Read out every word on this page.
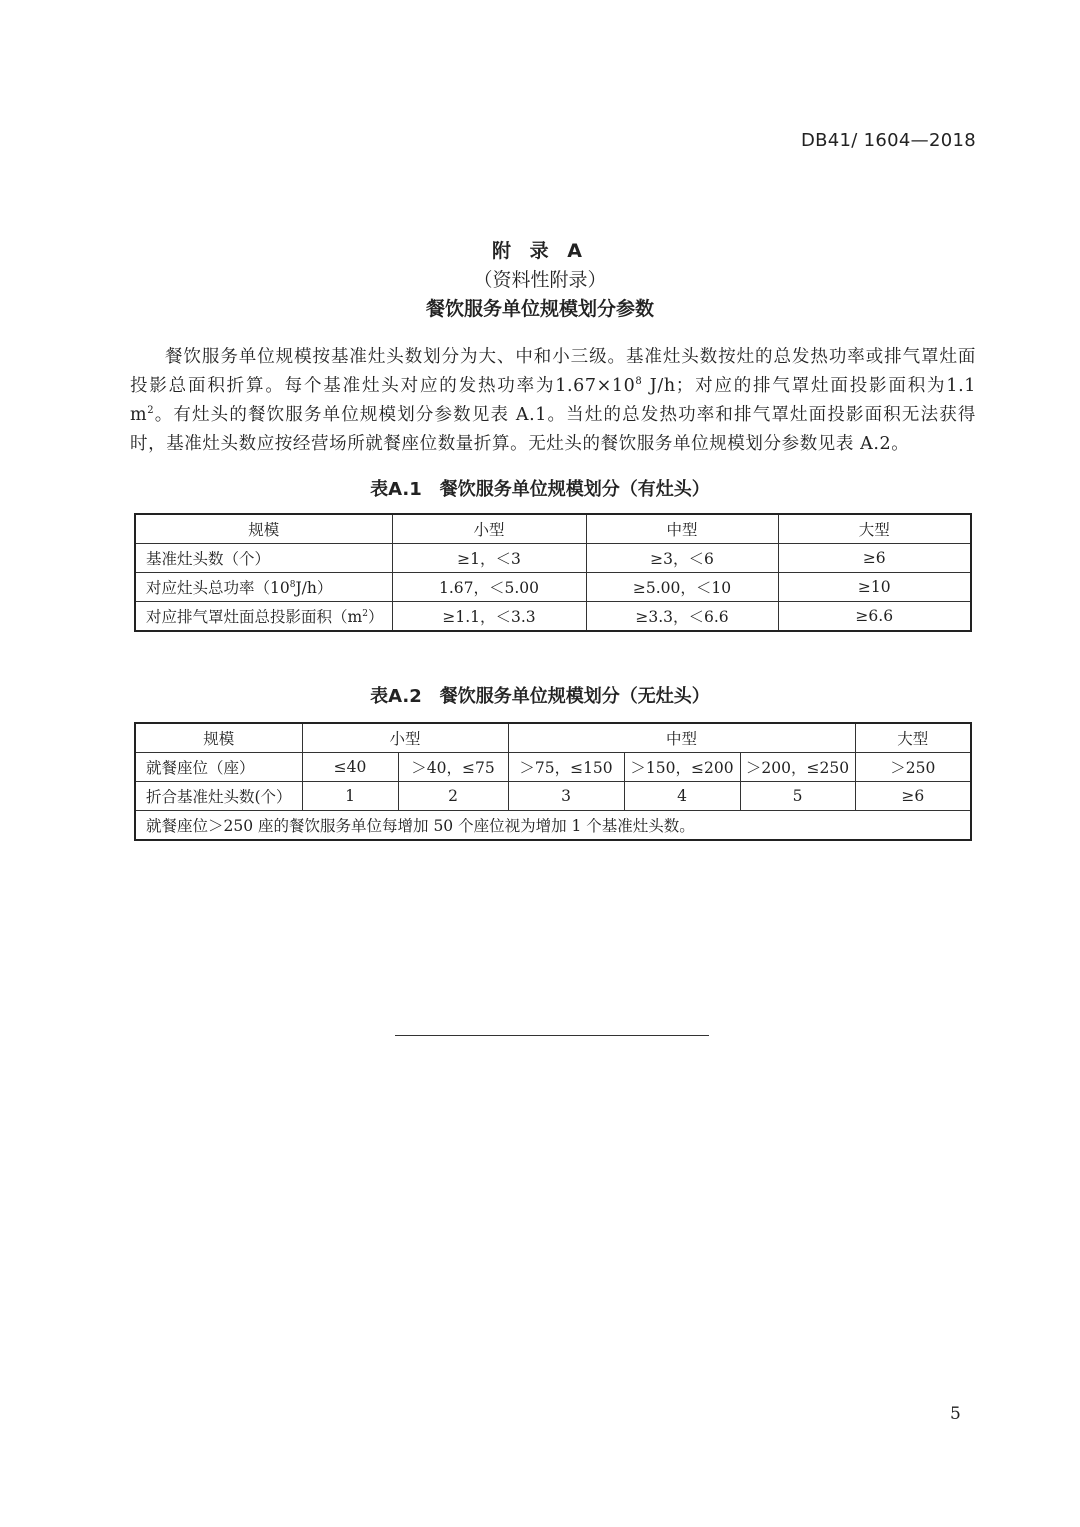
DB41/ 1604—2018
附 录 A
（资料性附录）
餐饮服务单位规模划分参数

餐饮服务单位规模按基准灶头数划分为大、中和小三级。基准灶头数按灶的总发热功率或排气罩灶面投影总面积折算。每个基准灶头对应的发热功率为$1.67\times 10^8$ J/h；对应的排气罩灶面投影面积为1.1 $m^2$。有灶头的餐饮服务单位规模划分参数见表 A.1。当灶的总发热功率和排气罩灶面投影面积无法获得时，基准灶头数应按经营场所就餐座位数量折算。无灶头的餐饮服务单位规模划分参数见表 A.2。

表A.1　餐饮服务单位规模划分（有灶头）
规模	小型	中型	大型
基准灶头数（个）	≥1，＜3	≥3，＜6	≥6
对应灶头总功率$(10^8J/h)$	1.67，＜5.00	≥5.00，＜10	≥10
对应排气罩灶面总投影面积$(m^2)$	≥1.1，＜3.3	≥3.3，＜6.6	≥6.6
表A.2　餐饮服务单位规模划分（无灶头）
规模	小型		中型			大型
就餐座位（座）	≤40	＞40，≤75	＞75，≤150	＞150，≤200	＞200，≤250	＞250
折合基准灶头数(个）	1	2	3	4	5	≥6
就餐座位＞250 座的餐饮服务单位每增加 50 个座位视为增加 1 个基准灶头数。						
5
